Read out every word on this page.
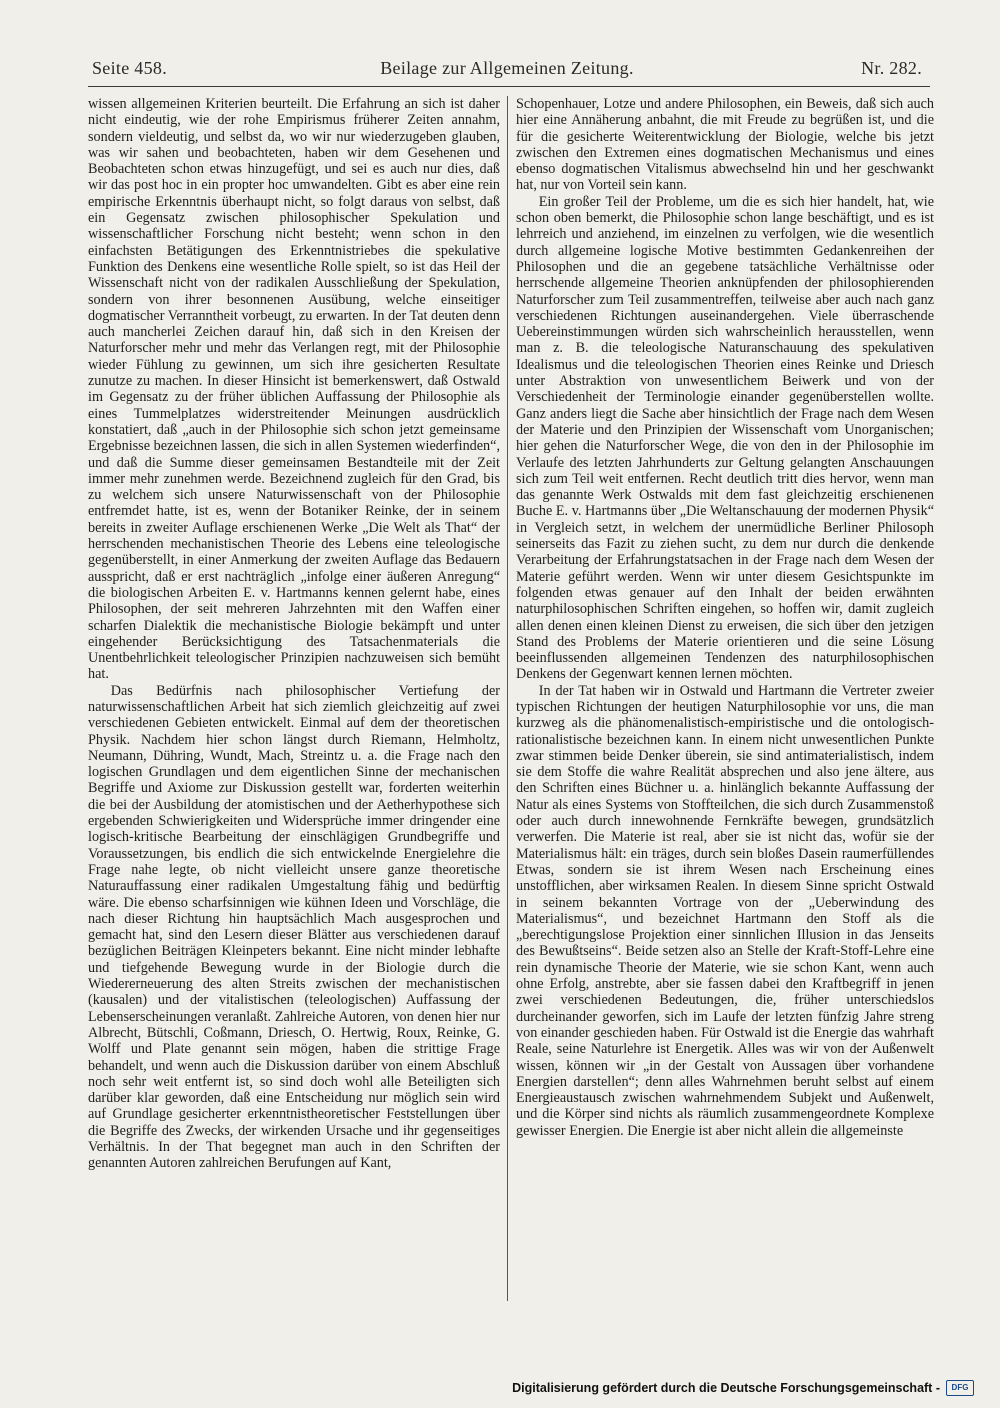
Seite 458.	Beilage zur Allgemeinen Zeitung.	Nr. 282.

wissen allgemeinen Kriterien beurteilt. Die Erfahrung an sich ist daher nicht eindeutig, wie der rohe Empirismus früherer Zeiten annahm, sondern vieldeutig, und selbst da, wo wir nur wiederzugeben glauben, was wir sahen und beobachteten, haben wir dem Gesehenen und Beobachteten schon etwas hinzugefügt, und sei es auch nur dies, daß wir das post hoc in ein propter hoc umwandelten. Gibt es aber eine rein empirische Erkenntnis überhaupt nicht, so folgt daraus von selbst, daß ein Gegensatz zwischen philosophischer Spekulation und wissenschaftlicher Forschung nicht besteht; wenn schon in den einfachsten Betätigungen des Erkenntnistriebes die spekulative Funktion des Denkens eine wesentliche Rolle spielt, so ist das Heil der Wissenschaft nicht von der radikalen Ausschließung der Spekulation, sondern von ihrer besonnenen Ausübung, welche einseitiger dogmatischer Verranntheit vorbeugt, zu erwarten. In der Tat deuten denn auch mancherlei Zeichen darauf hin, daß sich in den Kreisen der Naturforscher mehr und mehr das Verlangen regt, mit der Philosophie wieder Fühlung zu gewinnen, um sich ihre gesicherten Resultate zunutze zu machen. In dieser Hinsicht ist bemerkenswert, daß Ostwald im Gegensatz zu der früher üblichen Auffassung der Philosophie als eines Tummelplatzes widerstreitender Meinungen ausdrücklich konstatiert, daß „auch in der Philosophie sich schon jetzt gemeinsame Ergebnisse bezeichnen lassen, die sich in allen Systemen wiederfinden“, und daß die Summe dieser gemeinsamen Bestandteile mit der Zeit immer mehr zunehmen werde. Bezeichnend zugleich für den Grad, bis zu welchem sich unsere Naturwissenschaft von der Philosophie entfremdet hatte, ist es, wenn der Botaniker Reinke, der in seinem bereits in zweiter Auflage erschienenen Werke „Die Welt als That“ der herrschenden mechanistischen Theorie des Lebens eine teleologische gegenüberstellt, in einer Anmerkung der zweiten Auflage das Bedauern ausspricht, daß er erst nachträglich „infolge einer äußeren Anregung“ die biologischen Arbeiten E. v. Hartmanns kennen gelernt habe, eines Philosophen, der seit mehreren Jahrzehnten mit den Waffen einer scharfen Dialektik die mechanistische Biologie bekämpft und unter eingehender Berücksichtigung des Tatsachenmaterials die Unentbehrlichkeit teleologischer Prinzipien nachzuweisen sich bemüht hat.

Das Bedürfnis nach philosophischer Vertiefung der naturwissenschaftlichen Arbeit hat sich ziemlich gleichzeitig auf zwei verschiedenen Gebieten entwickelt. Einmal auf dem der theoretischen Physik. Nachdem hier schon längst durch Riemann, Helmholtz, Neumann, Dühring, Wundt, Mach, Streintz u. a. die Frage nach den logischen Grundlagen und dem eigentlichen Sinne der mechanischen Begriffe und Axiome zur Diskussion gestellt war, forderten weiterhin die bei der Ausbildung der atomistischen und der Aetherhypothese sich ergebenden Schwierigkeiten und Widersprüche immer dringender eine logisch-kritische Bearbeitung der einschlägigen Grundbegriffe und Voraussetzungen, bis endlich die sich entwickelnde Energielehre die Frage nahe legte, ob nicht vielleicht unsere ganze theoretische Naturauffassung einer radikalen Umgestaltung fähig und bedürftig wäre. Die ebenso scharfsinnigen wie kühnen Ideen und Vorschläge, die nach dieser Richtung hin hauptsächlich Mach ausgesprochen und gemacht hat, sind den Lesern dieser Blätter aus verschiedenen darauf bezüglichen Beiträgen Kleinpeters bekannt. Eine nicht minder lebhafte und tiefgehende Bewegung wurde in der Biologie durch die Wiedererneuerung des alten Streits zwischen der mechanistischen (kausalen) und der vitalistischen (teleologischen) Auffassung der Lebenserscheinungen veranlaßt. Zahlreiche Autoren, von denen hier nur Albrecht, Bütschli, Coßmann, Driesch, O. Hertwig, Roux, Reinke, G. Wolff und Plate genannt sein mögen, haben die strittige Frage behandelt, und wenn auch die Diskussion darüber von einem Abschluß noch sehr weit entfernt ist, so sind doch wohl alle Beteiligten sich darüber klar geworden, daß eine Entscheidung nur möglich sein wird auf Grundlage gesicherter erkenntnistheoretischer Feststellungen über die Begriffe des Zwecks, der wirkenden Ursache und ihr gegenseitiges Verhältnis. In der That begegnet man auch in den Schriften der genannten Autoren zahlreichen Berufungen auf Kant,

Schopenhauer, Lotze und andere Philosophen, ein Beweis, daß sich auch hier eine Annäherung anbahnt, die mit Freude zu begrüßen ist, und die für die gesicherte Weiterentwicklung der Biologie, welche bis jetzt zwischen den Extremen eines dogmatischen Mechanismus und eines ebenso dogmatischen Vitalismus abwechselnd hin und her geschwankt hat, nur von Vorteil sein kann.

Ein großer Teil der Probleme, um die es sich hier handelt, hat, wie schon oben bemerkt, die Philosophie schon lange beschäftigt, und es ist lehrreich und anziehend, im einzelnen zu verfolgen, wie die wesentlich durch allgemeine logische Motive bestimmten Gedankenreihen der Philosophen und die an gegebene tatsächliche Verhältnisse oder herrschende allgemeine Theorien anknüpfenden der philosophierenden Naturforscher zum Teil zusammentreffen, teilweise aber auch nach ganz verschiedenen Richtungen auseinandergehen. Viele überraschende Uebereinstimmungen würden sich wahrscheinlich herausstellen, wenn man z. B. die teleologische Naturanschauung des spekulativen Idealismus und die teleologischen Theorien eines Reinke und Driesch unter Abstraktion von unwesentlichem Beiwerk und von der Verschiedenheit der Terminologie einander gegenüberstellen wollte. Ganz anders liegt die Sache aber hinsichtlich der Frage nach dem Wesen der Materie und den Prinzipien der Wissenschaft vom Unorganischen; hier gehen die Naturforscher Wege, die von den in der Philosophie im Verlaufe des letzten Jahrhunderts zur Geltung gelangten Anschauungen sich zum Teil weit entfernen. Recht deutlich tritt dies hervor, wenn man das genannte Werk Ostwalds mit dem fast gleichzeitig erschienenen Buche E. v. Hartmanns über „Die Weltanschauung der modernen Physik“ in Vergleich setzt, in welchem der unermüdliche Berliner Philosoph seinerseits das Fazit zu ziehen sucht, zu dem nur durch die denkende Verarbeitung der Erfahrungstatsachen in der Frage nach dem Wesen der Materie geführt werden. Wenn wir unter diesem Gesichtspunkte im folgenden etwas genauer auf den Inhalt der beiden erwähnten naturphilosophischen Schriften eingehen, so hoffen wir, damit zugleich allen denen einen kleinen Dienst zu erweisen, die sich über den jetzigen Stand des Problems der Materie orientieren und die seine Lösung beeinflussenden allgemeinen Tendenzen des naturphilosophischen Denkens der Gegenwart kennen lernen möchten.

In der Tat haben wir in Ostwald und Hartmann die Vertreter zweier typischen Richtungen der heutigen Naturphilosophie vor uns, die man kurzweg als die phänomenalistisch-empiristische und die ontologisch-rationalistische bezeichnen kann. In einem nicht unwesentlichen Punkte zwar stimmen beide Denker überein, sie sind antimaterialistisch, indem sie dem Stoffe die wahre Realität absprechen und also jene ältere, aus den Schriften eines Büchner u. a. hinlänglich bekannte Auffassung der Natur als eines Systems von Stoffteilchen, die sich durch Zusammenstoß oder auch durch innewohnende Fernkräfte bewegen, grundsätzlich verwerfen. Die Materie ist real, aber sie ist nicht das, wofür sie der Materialismus hält: ein träges, durch sein bloßes Dasein raumerfüllendes Etwas, sondern sie ist ihrem Wesen nach Erscheinung eines unstofflichen, aber wirksamen Realen. In diesem Sinne spricht Ostwald in seinem bekannten Vortrage von der „Ueberwindung des Materialismus“, und bezeichnet Hartmann den Stoff als die „berechtigungslose Projektion einer sinnlichen Illusion in das Jenseits des Bewußtseins“. Beide setzen also an Stelle der Kraft-Stoff-Lehre eine rein dynamische Theorie der Materie, wie sie schon Kant, wenn auch ohne Erfolg, anstrebte, aber sie fassen dabei den Kraftbegriff in jenen zwei verschiedenen Bedeutungen, die, früher unterschiedslos durcheinander geworfen, sich im Laufe der letzten fünfzig Jahre streng von einander geschieden haben. Für Ostwald ist die Energie das wahrhaft Reale, seine Naturlehre ist Energetik. Alles was wir von der Außenwelt wissen, können wir „in der Gestalt von Aussagen über vorhandene Energien darstellen“; denn alles Wahrnehmen beruht selbst auf einem Energieaustausch zwischen wahrnehmendem Subjekt und Außenwelt, und die Körper sind nichts als räumlich zusammengeordnete Komplexe gewisser Energien. Die Energie ist aber nicht allein die allgemeinste

Digitalisierung gefördert durch die Deutsche Forschungsgemeinschaft -	DFG
